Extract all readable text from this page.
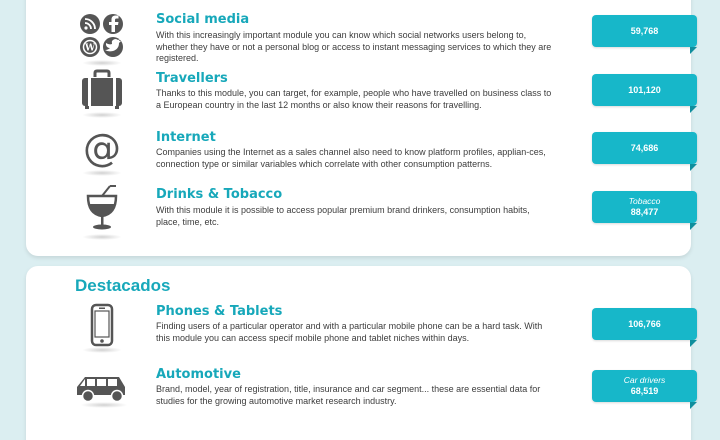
W
Social media

With this increasingly important module you can know which social networks users belong to, whether they have or not a personal blog or access to instant messaging services to which they are registered.

59,768
Travellers

Thanks to this module, you can target, for example, people who have travelled on business class to a European country in the last 12 months or also know their reasons for travelling.

101,120
@	Internet

Companies using the Internet as a sales channel also need to know platform profiles, applian-ces, connection type or similar variables which correlate with other consumption patterns.

74,686
Drinks & Tobacco

With this module it is possible to access popular premium brand drinkers, consumption habits, place, time, etc.

Tobacco
88,477
Destacados
Phones & Tablets

Finding users of a particular operator and with a particular mobile phone can be a hard task. With this module you can access specif mobile phone and tablet niches within days.

106,766
Automotive

Brand, model, year of registration, title, insurance and car segment... these are essential data for studies for the growing automotive market research industry.

Car drivers
68,519
